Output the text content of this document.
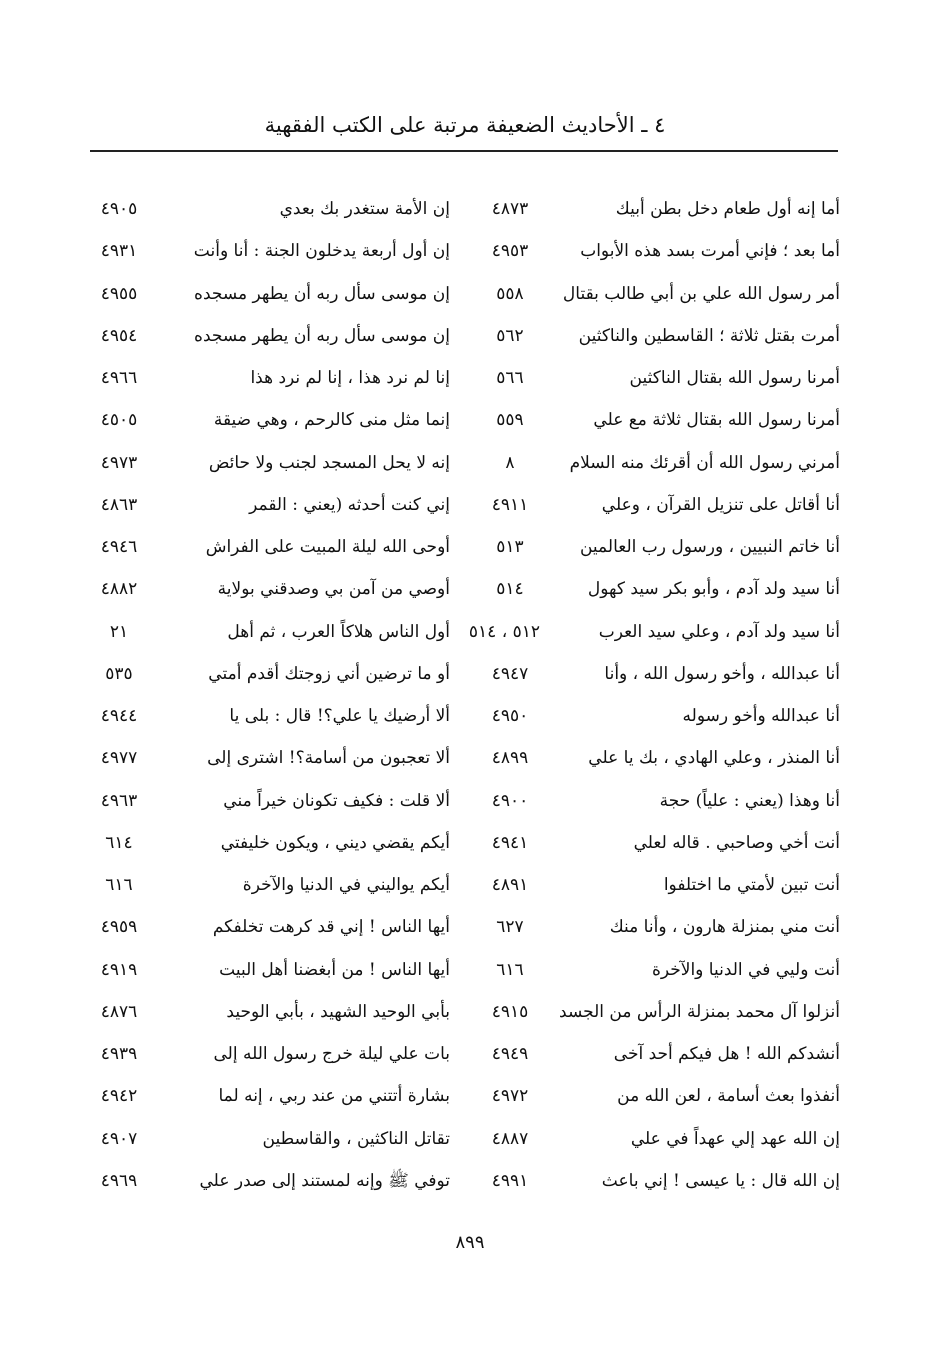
٤ ـ الأحاديث الضعيفة مرتبة على الكتب الفقهية
أما إنه أول طعام دخل بطن أبيك
٤٨٧٣
أما بعد ؛ فإني أمرت بسد هذه الأبواب
٤٩٥٣
أمر رسول الله علي بن أبي طالب بقتال
٥٥٨
أمرت بقتل ثلاثة ؛ القاسطين والناكثين
٥٦٢
أمرنا رسول الله بقتال الناكثين
٥٦٦
أمرنا رسول الله بقتال ثلاثة مع علي
٥٥٩
أمرني رسول الله أن أقرئك منه السلام
٨
أنا أقاتل على تنزيل القرآن ، وعلي
٤٩١١
أنا خاتم النبيين ، ورسول رب العالمين
٥١٣
أنا سيد ولد آدم ، وأبو بكر سيد كهول
٥١٤
أنا سيد ولد آدم ، وعلي سيد العرب
٥١٢ ، ٥١٤
أنا عبدالله ، وأخو رسول الله ، وأنا
٤٩٤٧
أنا عبدالله وأخو رسوله
٤٩٥٠
أنا المنذر ، وعلي الهادي ، بك يا علي
٤٨٩٩
أنا وهذا (يعني : علياً) حجة
٤٩٠٠
أنت أخي وصاحبي . قاله لعلي
٤٩٤١
أنت تبين لأمتي ما اختلفوا
٤٨٩١
أنت مني بمنزلة هارون ، وأنا منك
٦٢٧
أنت وليي في الدنيا والآخرة
٦١٦
أنزلوا آل محمد بمنزلة الرأس من الجسد
٤٩١٥
أنشدكم الله ! هل فيكم أحد آخى
٤٩٤٩
أنفذوا بعث أسامة ، لعن الله من
٤٩٧٢
إن الله عهد إلي عهداً في علي
٤٨٨٧
إن الله قال : يا عيسى ! إني باعث
٤٩٩١
إن الأمة ستغدر بك بعدي
٤٩٠٥
إن أول أربعة يدخلون الجنة : أنا وأنت
٤٩٣١
إن موسى سأل ربه أن يطهر مسجده
٤٩٥٥
إن موسى سأل ربه أن يطهر مسجده
٤٩٥٤
إنا لم نرد هذا ، إنا لم نرد هذا
٤٩٦٦
إنما مثل منى كالرحم ، وهي ضيقة
٤٥٠٥
إنه لا يحل المسجد لجنب ولا حائض
٤٩٧٣
إني كنت أحدثه (يعني : القمر
٤٨٦٣
أوحى الله ليلة المبيت على الفراش
٤٩٤٦
أوصي من آمن بي وصدقني بولاية
٤٨٨٢
أول الناس هلاكاً العرب ، ثم أهل
٢١
أو ما ترضين أني زوجتك أقدم أمتي
٥٣٥
ألا أرضيك يا علي؟! قال : بلى يا
٤٩٤٤
ألا تعجبون من أسامة؟! اشترى إلى
٤٩٧٧
ألا قلت : فكيف تكونان خيراً مني
٤٩٦٣
أيكم يقضي ديني ، ويكون خليفتي
٦١٤
أيكم يواليني في الدنيا والآخرة
٦١٦
أيها الناس ! إني قد كرهت تخلفكم
٤٩٥٩
أيها الناس ! من أبغضنا أهل البيت
٤٩١٩
بأبي الوحيد الشهيد ، بأبي الوحيد
٤٨٧٦
بات علي ليلة خرج رسول الله إلى
٤٩٣٩
بشارة أتتني من عند ربي ، إنه لما
٤٩٤٢
تقاتل الناكثين ، والقاسطين
٤٩٠٧
توفي ﷺ وإنه لمستند إلى صدر علي
٤٩٦٩
٨٩٩
